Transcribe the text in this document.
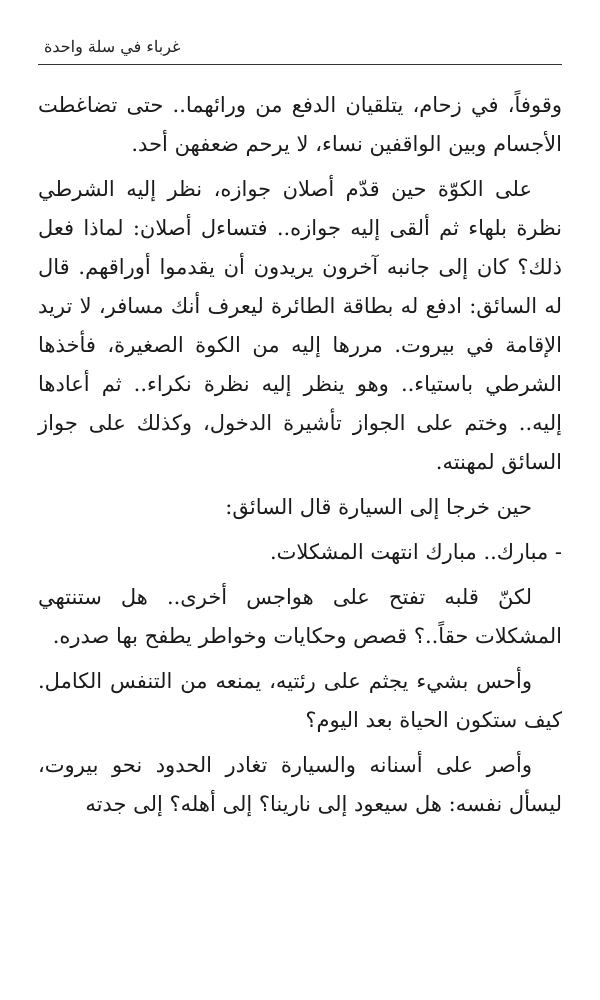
غرباء في سلة واحدة

وقوفاً، في زحام، يتلقيان الدفع من ورائهما.. حتى تضاغطت الأجسام وبين الواقفين نساء، لا يرحم ضعفهن أحد.

على الكوّة حين قدّم أصلان جوازه، نظر إليه الشرطي نظرة بلهاء ثم ألقى إليه جوازه.. فتساءل أصلان: لماذا فعل ذلك؟ كان إلى جانبه آخرون يريدون أن يقدموا أوراقهم. قال له السائق: ادفع له بطاقة الطائرة ليعرف أنك مسافر، لا تريد الإقامة في بيروت. مررها إليه من الكوة الصغيرة، فأخذها الشرطي باستياء.. وهو ينظر إليه نظرة نكراء.. ثم أعادها إليه.. وختم على الجواز تأشيرة الدخول، وكذلك على جواز السائق لمهنته.

حين خرجا إلى السيارة قال السائق:

- مبارك.. مبارك انتهت المشكلات.

لكنّ قلبه تفتح على هواجس أخرى.. هل ستنتهي المشكلات حقاً..؟ قصص وحكايات وخواطر يطفح بها صدره.

وأحس بشيء يجثم على رئتيه، يمنعه من التنفس الكامل. كيف ستكون الحياة بعد اليوم؟

وأصر على أسنانه والسيارة تغادر الحدود نحو بيروت، ليسأل نفسه: هل سيعود إلى نارينا؟ إلى أهله؟ إلى جدته
